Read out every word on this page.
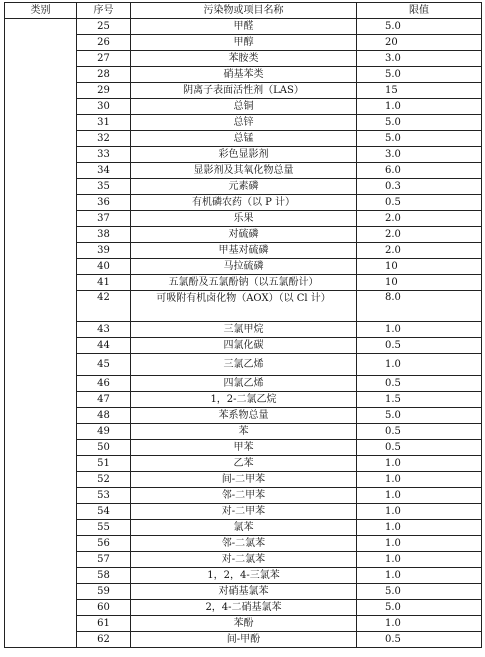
类别	序号	污染物或项目名称	限值
	25	甲醛	5.0
	26	甲醇	20
	27	苯胺类	3.0
	28	硝基苯类	5.0
	29	阴离子表面活性剂（LAS）	15
	30	总铜	1.0
	31	总锌	5.0
	32	总锰	5.0
	33	彩色显影剂	3.0
	34	显影剂及其氧化物总量	6.0
	35	元素磷	0.3
	36	有机磷农药（以 P 计）	0.5
	37	乐果	2.0
	38	对硫磷	2.0
	39	甲基对硫磷	2.0
	40	马拉硫磷	10
	41	五氯酚及五氯酚钠（以五氯酚计）	10
	42	可吸附有机卤化物（AOX）（以 Cl 计）	8.0
	43	三氯甲烷	1.0
	44	四氯化碳	0.5
	45	三氯乙烯	1.0
	46	四氯乙烯	0.5
	47	1，2-二氯乙烷	1.5
	48	苯系物总量	5.0
	49	苯	0.5
	50	甲苯	0.5
	51	乙苯	1.0
	52	间-二甲苯	1.0
	53	邻-二甲苯	1.0
	54	对-二甲苯	1.0
	55	氯苯	1.0
	56	邻-二氯苯	1.0
	57	对-二氯苯	1.0
	58	1，2，4-三氯苯	1.0
	59	对硝基氯苯	5.0
	60	2，4-二硝基氯苯	5.0
	61	苯酚	1.0
	62	间-甲酚	0.5
